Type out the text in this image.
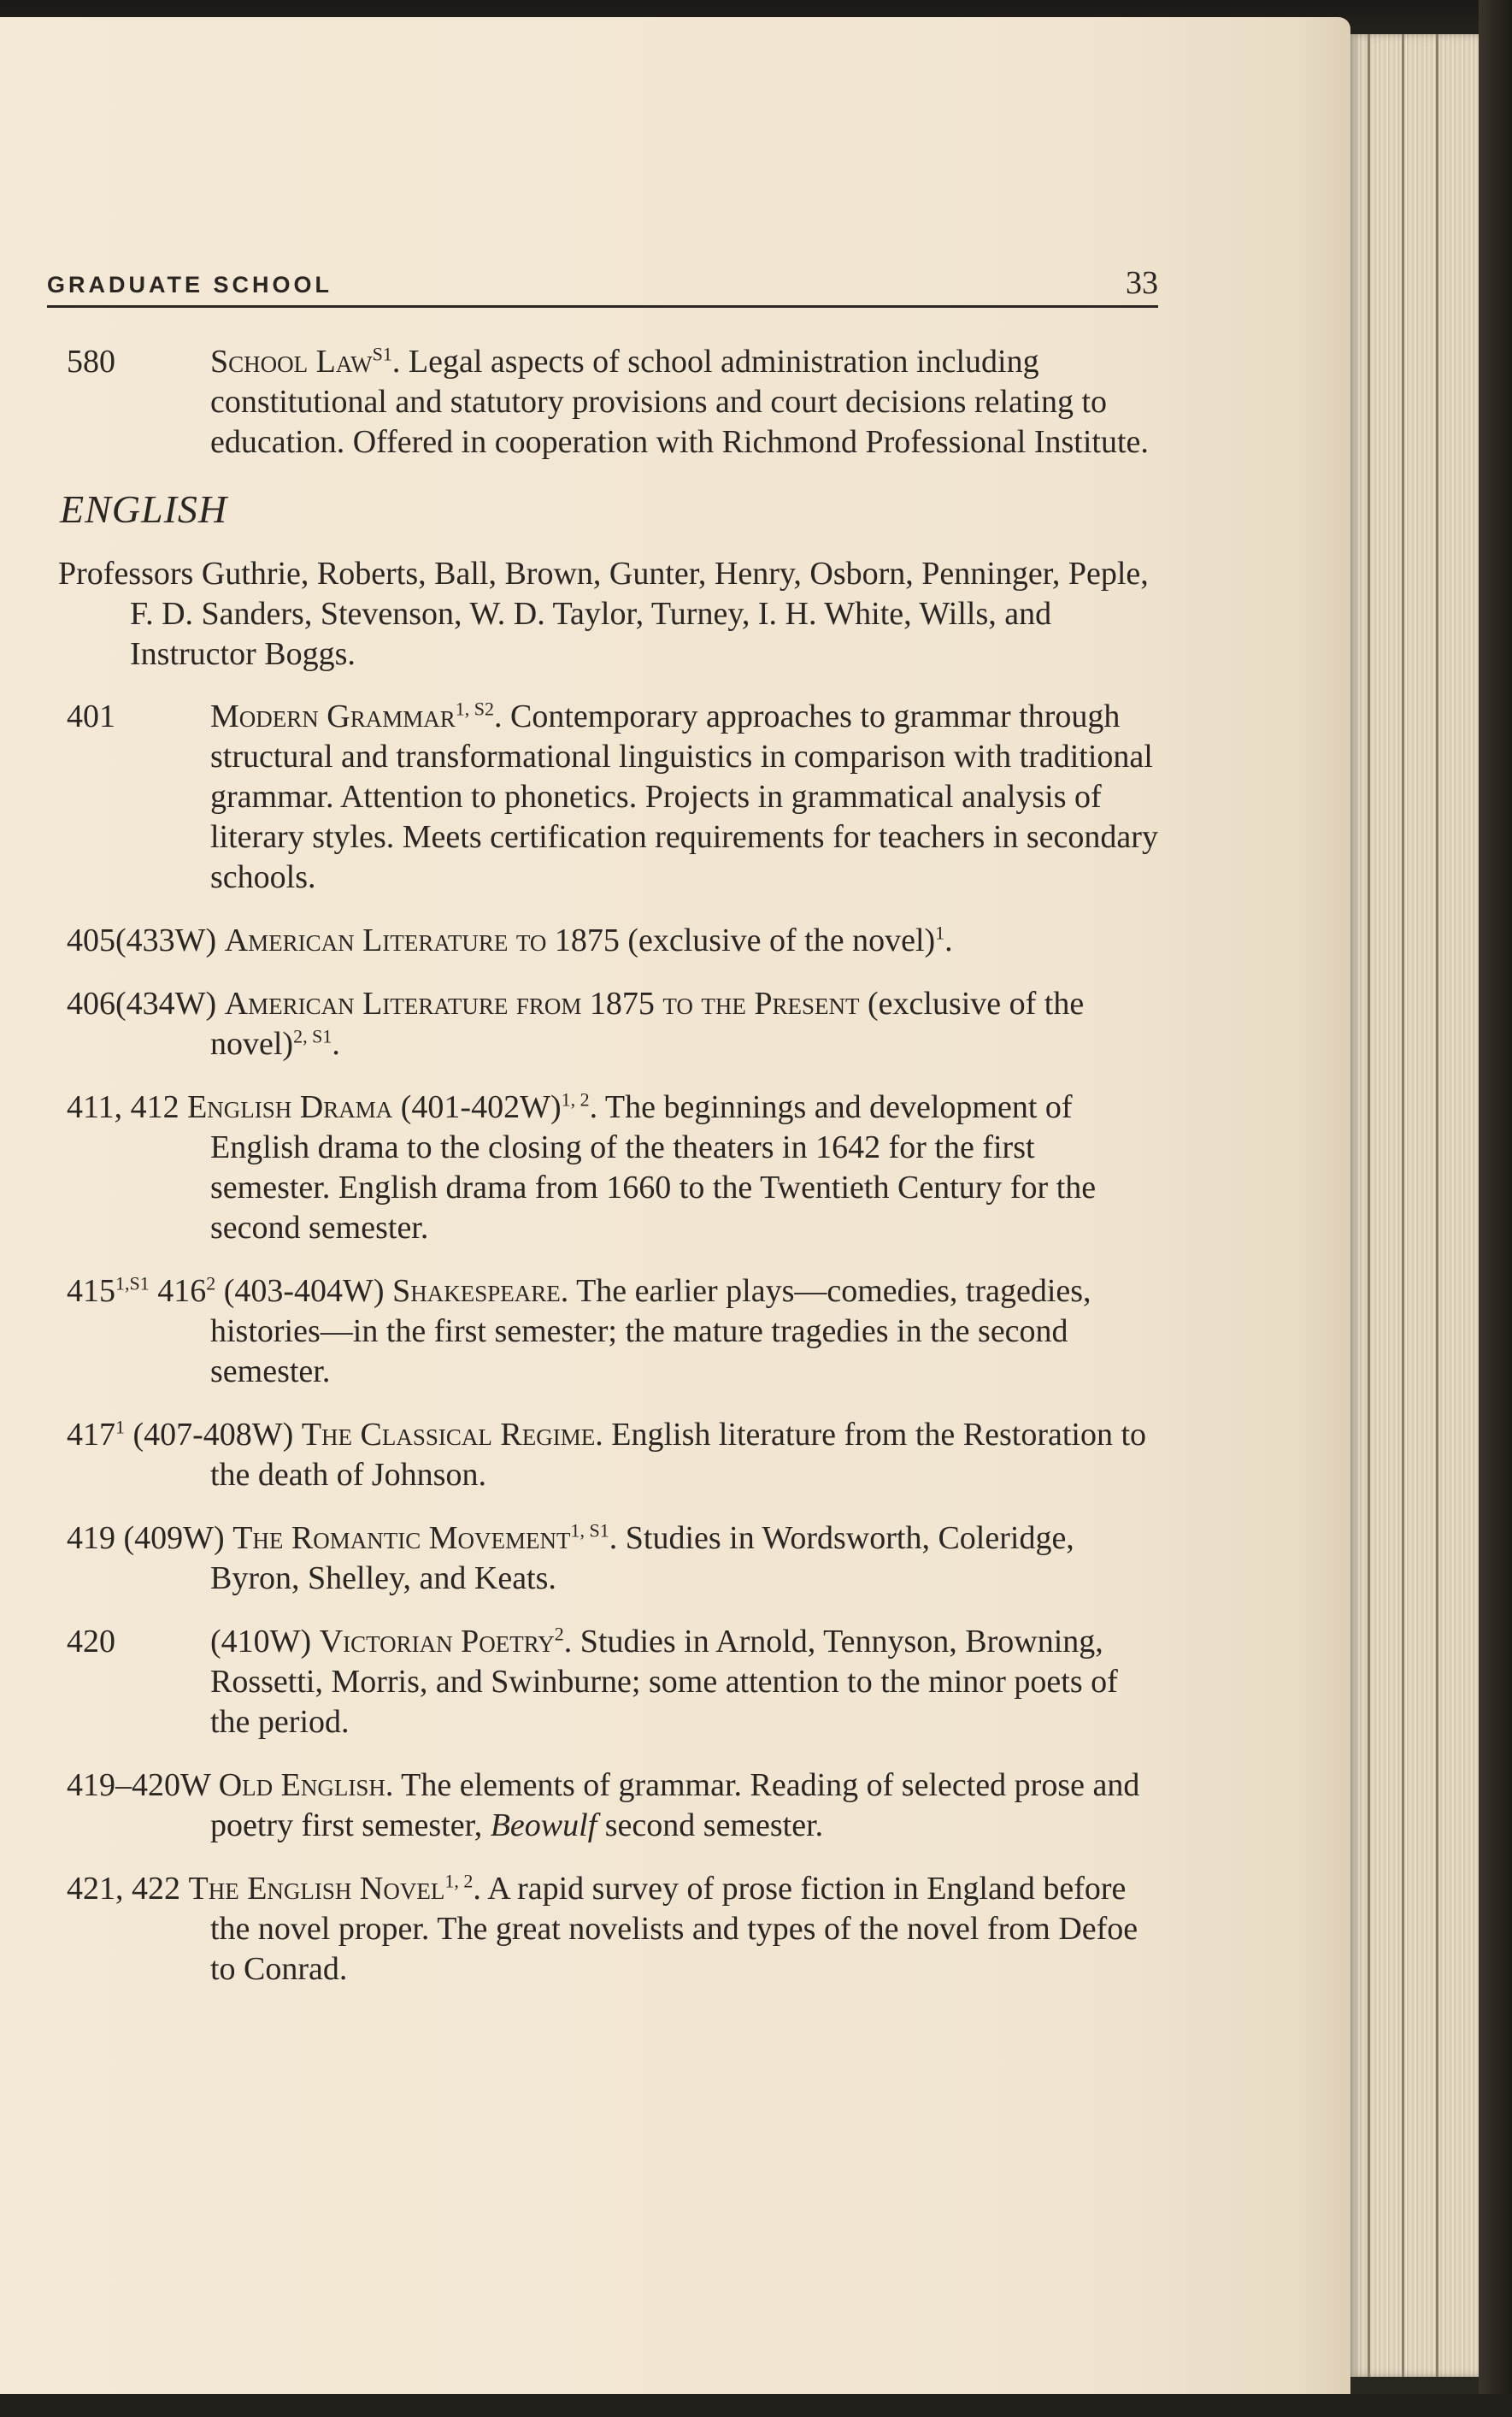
GRADUATE SCHOOL	33
580	School Law$^{S1}$. Legal aspects of school administration including constitutional and statutory provisions and court decisions relating to education. Offered in cooperation with Richmond Professional Institute.
ENGLISH
Professors Guthrie, Roberts, Ball, Brown, Gunter, Henry, Osborn, Penninger, Peple, F. D. Sanders, Stevenson, W. D. Taylor, Turney, I. H. White, Wills, and Instructor Boggs.
401	Modern Grammar$^{1, S2}$. Contemporary approaches to grammar through structural and transformational linguistics in comparison with traditional grammar. Attention to phonetics. Projects in grammatical analysis of literary styles. Meets certification requirements for teachers in secondary schools.
405(433W) American Literature to 1875 (exclusive of the novel)$^1$.
406(434W) American Literature from 1875 to the Present (exclusive of the novel)$^{2, S1}$.
411, 412 English Drama $(401-402W)^{1, 2}$. The beginnings and development of English drama to the closing of the theaters in 1642 for the first semester. English drama from 1660 to the Twentieth Century for the second semester.
$415^{1,S1}$ $416^2$ (403-404W) Shakespeare. The earlier plays—comedies, tragedies, histories—in the first semester; the mature tragedies in the second semester.
$417^1$ (407-408W) The Classical Regime. English literature from the Restoration to the death of Johnson.
419 (409W) The Romantic Movement$^{1, S1}$. Studies in Wordsworth, Coleridge, Byron, Shelley, and Keats.
420	(410W) Victorian Poetry$^2$. Studies in Arnold, Tennyson, Browning, Rossetti, Morris, and Swinburne; some attention to the minor poets of the period.
419–420W Old English. The elements of grammar. Reading of selected prose and poetry first semester, Beowulf second semester.
421, 422 The English Novel$^{1, 2}$. A rapid survey of prose fiction in England before the novel proper. The great novelists and types of the novel from Defoe to Conrad.
